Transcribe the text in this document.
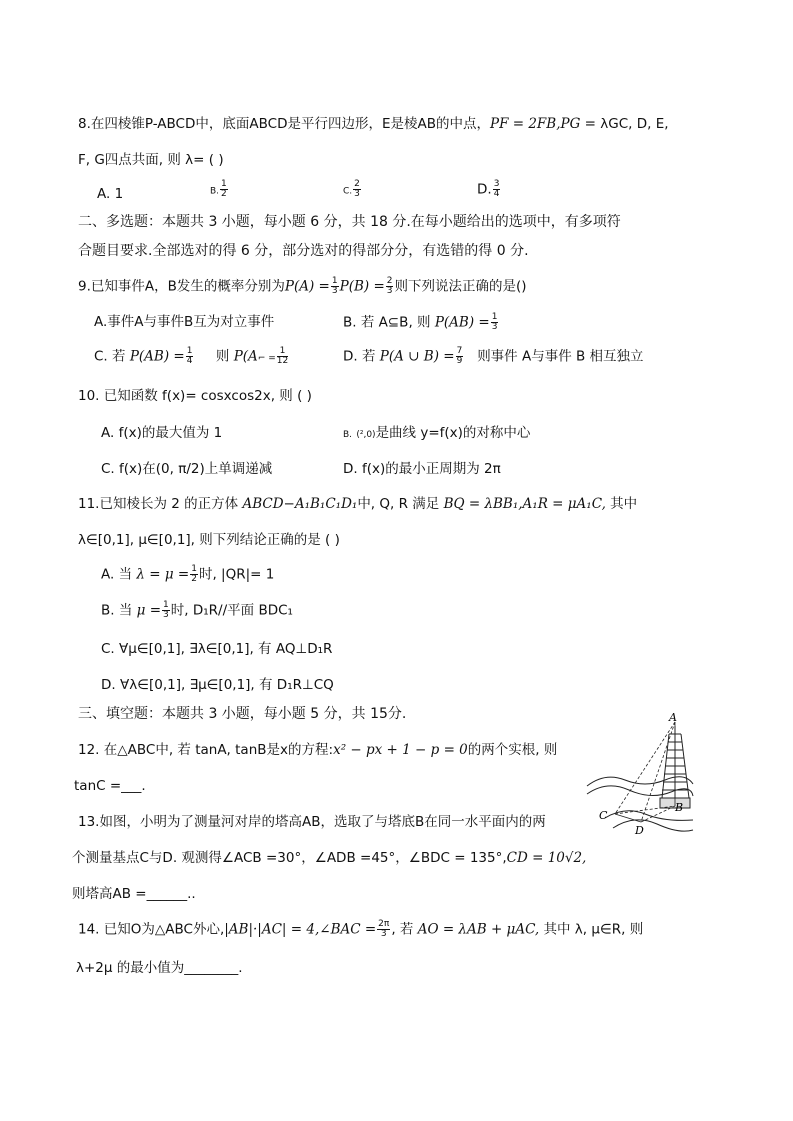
8.在四棱锥P-ABCD中，底面ABCD是平行四边形，E是棱AB的中点，PF = 2FB,PG = λGC, D, E,
F, G四点共面, 则 λ= ( )
A. 1	B. $\frac{1}{2}$	C. $\frac{2}{3}$	D. $\frac{3}{4}$
二、多选题：本题共 3 小题，每小题 6 分，共 18 分.在每小题给出的选项中，有多项符
合题目要求.全部选对的得 6 分，部分选对的得部分分，有选错的得 0 分.
9.已知事件A，B发生的概率分别为$P(A) = \frac{1}{3} P(B) = \frac{2}{3}$ 则下列说法正确的是()
A.事件A与事件B互为对立事件	B. 若 A⊆B, 则 $P(AB) = \frac{1}{3}$
C. 若 $P(AB) = \frac{1}{4}$ 则 P(A⌐ = $\frac{1}{12}$	D. 若 P(A ∪ $B) = \frac{7}{9}$ 则事件 A与事件 B 相互独立
10. 已知函数 f(x)= cosxcos2x, 则 ( )
A. f(x)的最大值为 1	B. (²,0)是曲线 y=f(x)的对称中心
C. f(x)在(0, π/2)上单调递减	D. f(x)的最小正周期为 2π
11.已知棱长为 2 的正方体 ABCD−A₁B₁C₁D₁中, Q, R 满足 BQ = λBB₁,A₁R = μA₁C, 其中
λ∈[0,1], μ∈[0,1], 则下列结论正确的是 ( )
A. 当 $\lambda = \mu = \frac{1}{2}$ 时, |QR|= 1
B. 当 $\mu = \frac{1}{3}$ 时, D₁R//平面 BDC₁
C. ∀μ∈[0,1], ∃λ∈[0,1], 有 AQ⊥D₁R
D. ∀λ∈[0,1], ∃μ∈[0,1], 有 D₁R⊥CQ
三、填空题：本题共 3 小题，每小题 5 分，共 15分.
12. 在△ABC中, 若 tanA, tanB是x的方程:x² − px + 1 − p = 0的两个实根, 则
tanC =___.
13.如图，小明为了测量河对岸的塔高AB，选取了与塔底B在同一水平面内的两
个测量基点C与D. 观测得∠ACB =30°，∠ADB =45°，∠BDC = 135°,CD = 10√2,
则塔高AB =______..
A
B
C
D
14. 已知O为△ABC外心,|AB|·|AC| = 4,∠BAC = $\frac{2\pi}{3}$ , 若 AO = λAB + μAC, 其中 λ, μ∈R, 则
λ+2μ 的最小值为________.
